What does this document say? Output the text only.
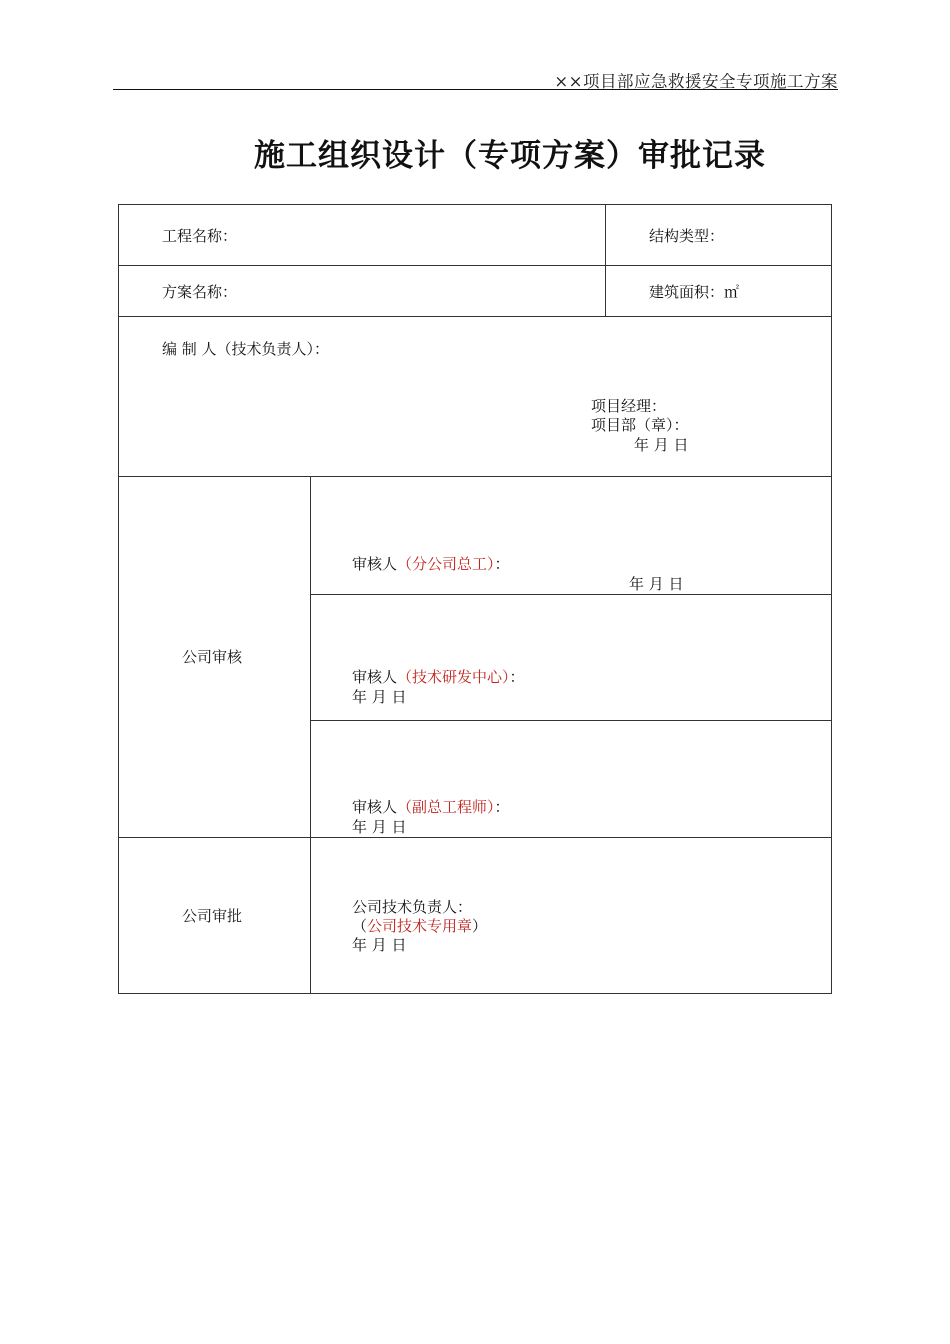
××项目部应急救援安全专项施工方案
施工组织设计（专项方案）审批记录
工程名称：	结构类型：
方案名称：	建筑面积：㎡
编 制 人（技术负责人）：
项目经理：
项目部（章）：
年 月 日
公司审核
审核人（分公司总工）：
年 月 日
审核人（技术研发中心）：
年 月 日
审核人（副总工程师）：
年 月 日
公司审批	公司技术负责人：
（公司技术专用章）
年 月 日
